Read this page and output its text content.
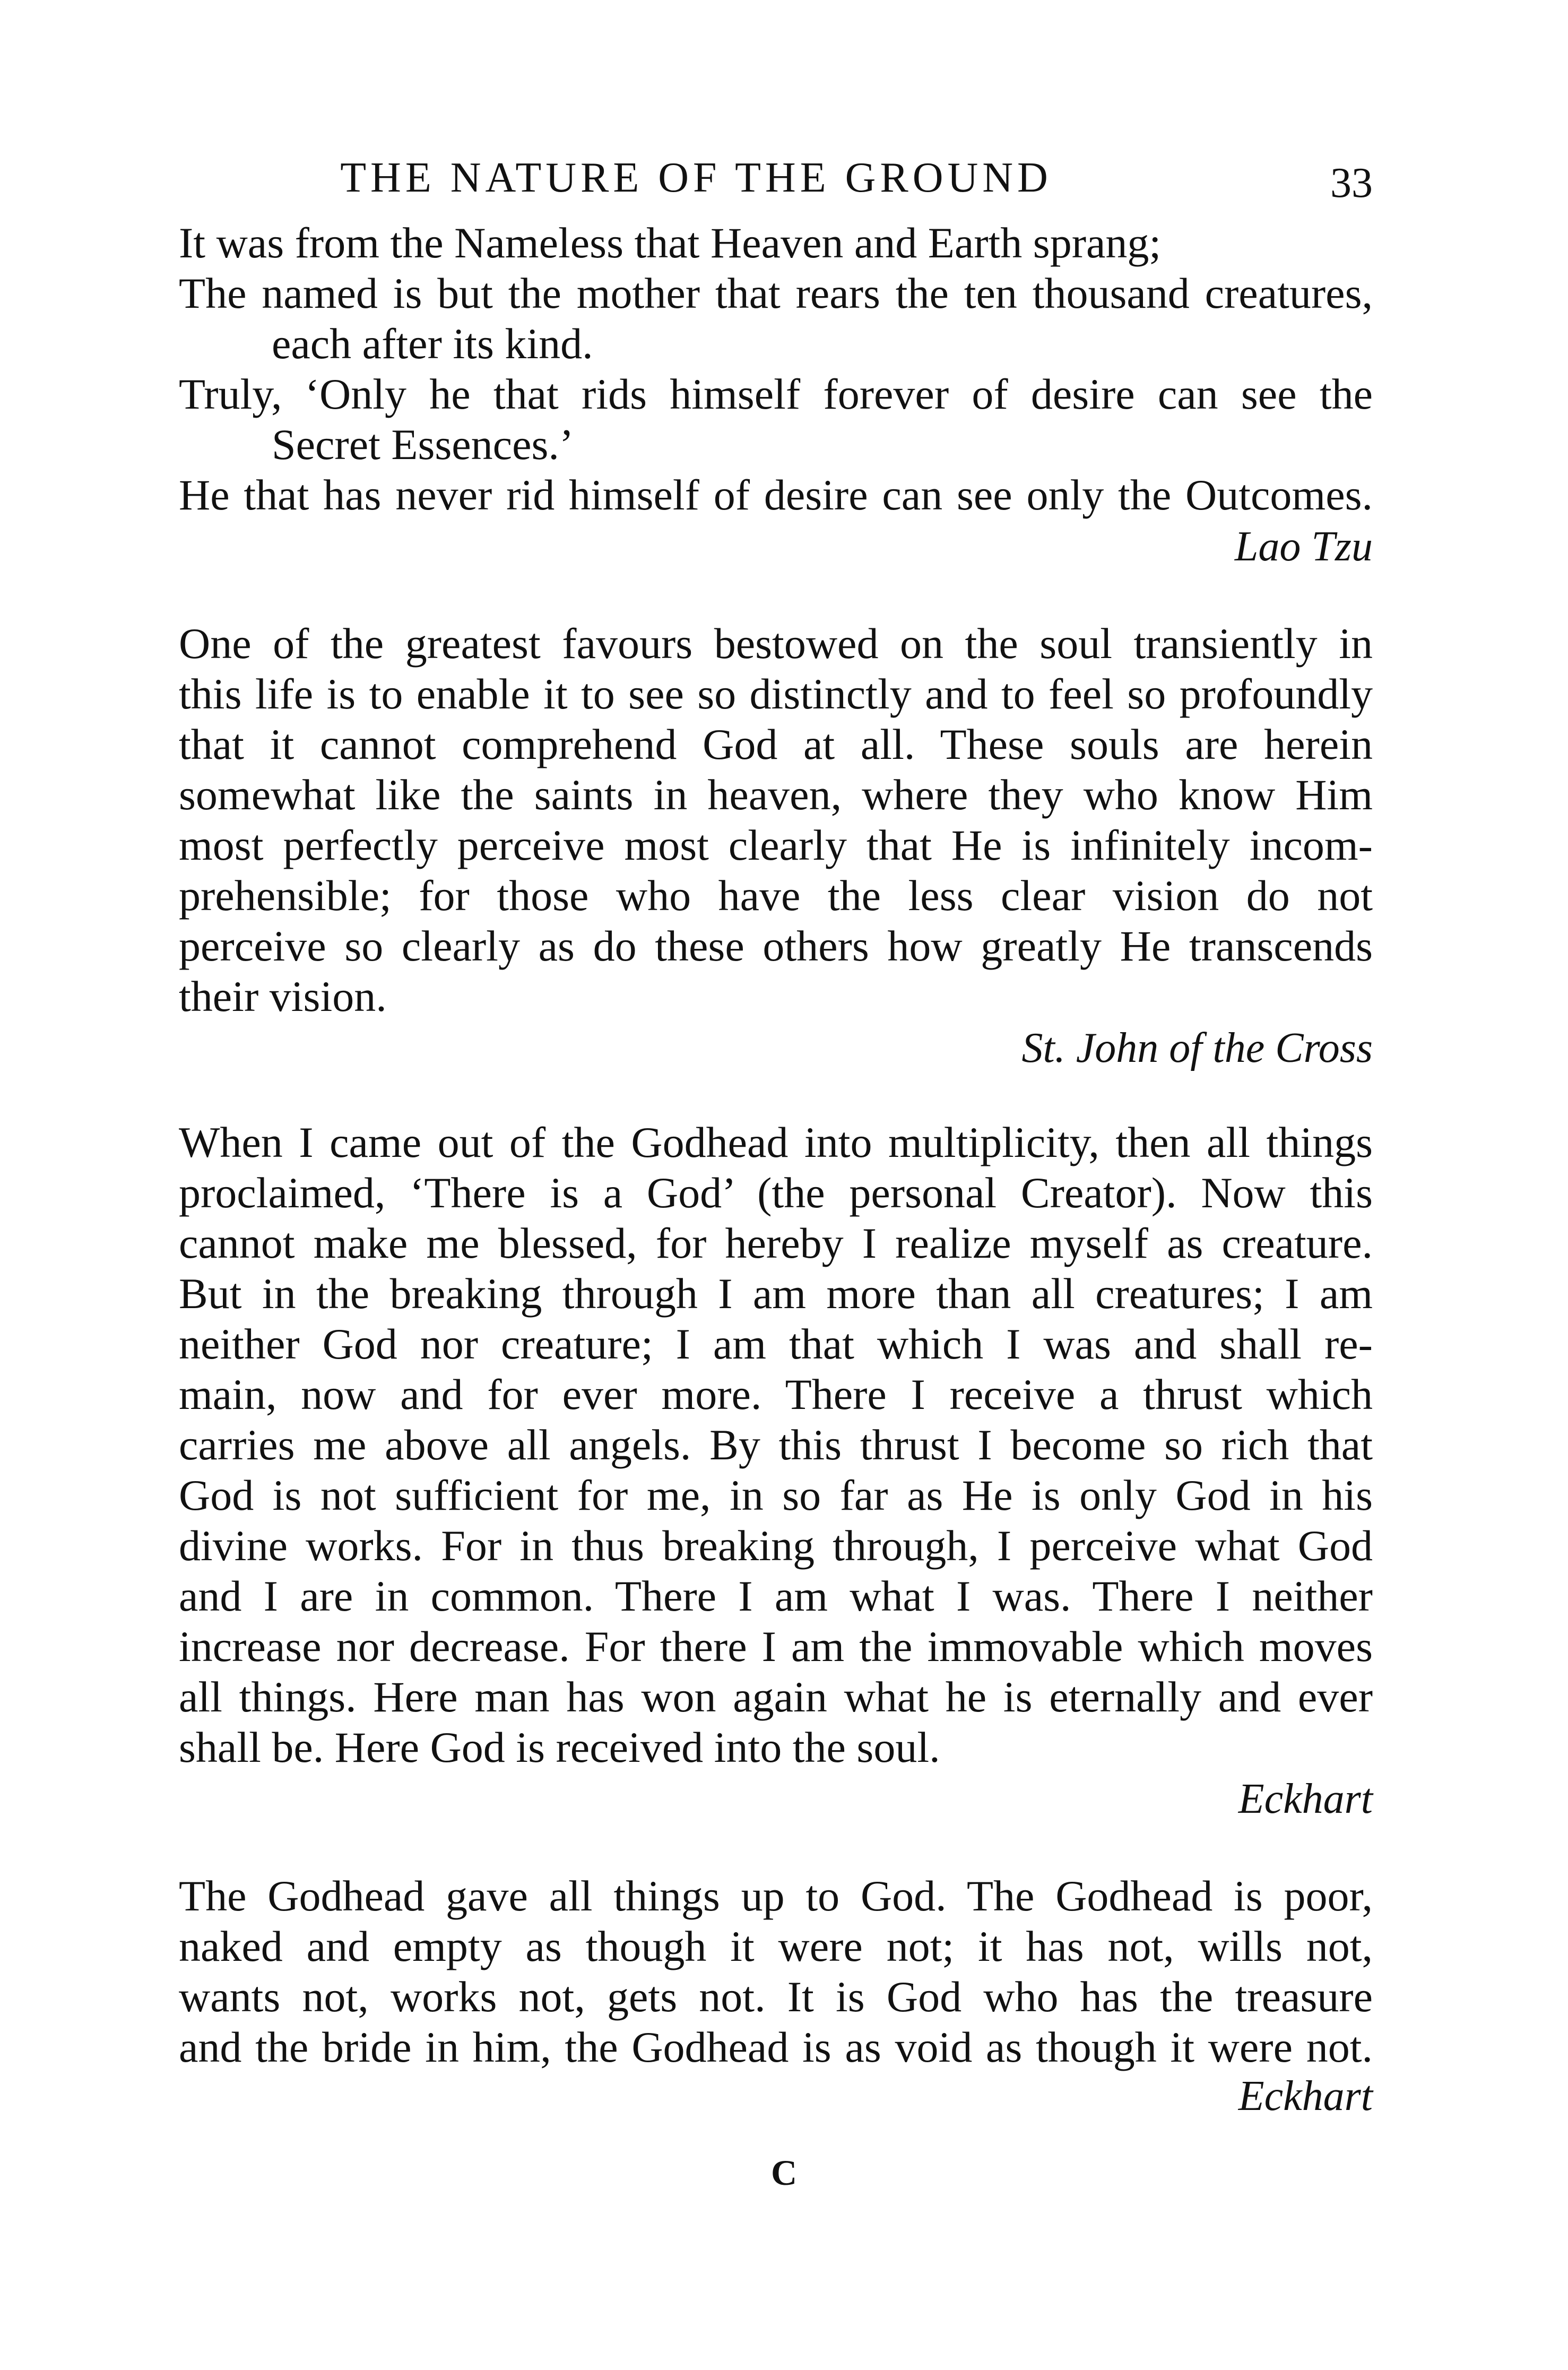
THE NATURE OF THE GROUND	33
It was from the Nameless that Heaven and Earth sprang;
The named is but the mother that rears the ten thousand creatures,
each after its kind.
Truly, ‘Only he that rids himself forever of desire can see the
Secret Essences.’
He that has never rid himself of desire can see only the Outcomes.
Lao Tzu
One of the greatest favours bestowed on the soul transiently in
this life is to enable it to see so distinctly and to feel so profoundly
that it cannot comprehend God at all. These souls are herein
somewhat like the saints in heaven, where they who know Him
most perfectly perceive most clearly that He is infinitely incom-
prehensible; for those who have the less clear vision do not
perceive so clearly as do these others how greatly He transcends
their vision.
St. John of the Cross
When I came out of the Godhead into multiplicity, then all things
proclaimed, ‘There is a God’ (the personal Creator). Now this
cannot make me blessed, for hereby I realize myself as creature.
But in the breaking through I am more than all creatures; I am
neither God nor creature; I am that which I was and shall re-
main, now and for ever more. There I receive a thrust which
carries me above all angels. By this thrust I become so rich that
God is not sufficient for me, in so far as He is only God in his
divine works. For in thus breaking through, I perceive what God
and I are in common. There I am what I was. There I neither
increase nor decrease. For there I am the immovable which moves
all things. Here man has won again what he is eternally and ever
shall be. Here God is received into the soul.
Eckhart
The Godhead gave all things up to God. The Godhead is poor,
naked and empty as though it were not; it has not, wills not,
wants not, works not, gets not. It is God who has the treasure
and the bride in him, the Godhead is as void as though it were not.
Eckhart
C
